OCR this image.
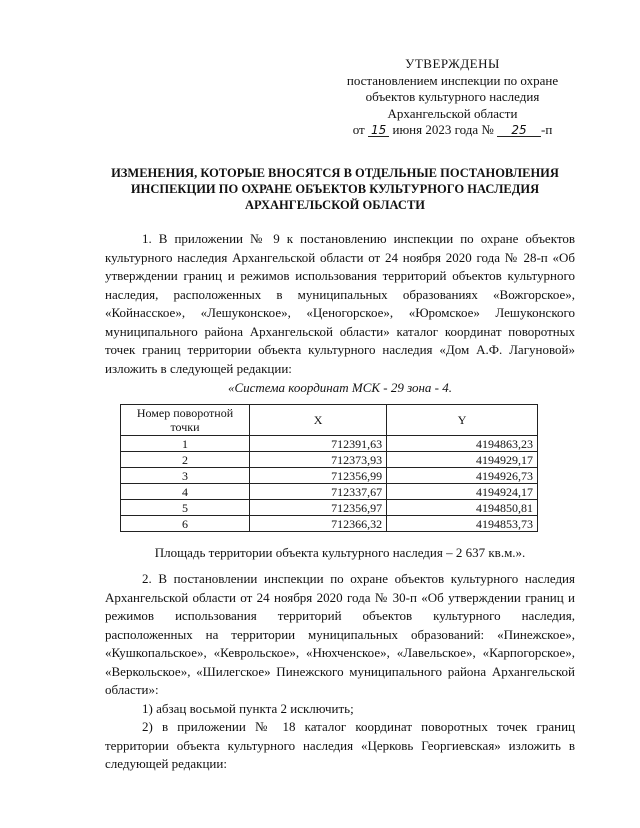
УТВЕРЖДЕНЫ
постановлением инспекции по охране
объектов культурного наследия
Архангельской области
от 15 июня 2023 года № 25 -п
ИЗМЕНЕНИЯ, КОТОРЫЕ ВНОСЯТСЯ В ОТДЕЛЬНЫЕ ПОСТАНОВЛЕНИЯ
ИНСПЕКЦИИ ПО ОХРАНЕ ОБЪЕКТОВ КУЛЬТУРНОГО НАСЛЕДИЯ
АРХАНГЕЛЬСКОЙ ОБЛАСТИ

1. В приложении № 9 к постановлению инспекции по охране объектов культурного наследия Архангельской области от 24 ноября 2020 года № 28-п «Об утверждении границ и режимов использования территорий объектов культурного наследия, расположенных в муниципальных образованиях «Вожгорское», «Койнасское», «Лешуконское», «Ценогорское», «Юромское» Лешуконского муниципального района Архангельской области» каталог координат поворотных точек границ территории объекта культурного наследия «Дом А.Ф. Лагуновой» изложить в следующей редакции:

«Система координат МСК - 29 зона - 4.
Номер поворотной точки	X	Y
1	712391,63	4194863,23
2	712373,93	4194929,17
3	712356,99	4194926,73
4	712337,67	4194924,17
5	712356,97	4194850,81
6	712366,32	4194853,73
Площадь территории объекта культурного наследия – 2 637 кв.м.».

2. В постановлении инспекции по охране объектов культурного наследия Архангельской области от 24 ноября 2020 года № 30-п «Об утверждении границ и режимов использования территорий объектов культурного наследия, расположенных на территории муниципальных образований: «Пинежское», «Кушкопальское», «Кеврольское», «Нюхченское», «Лавельское», «Карпогорское», «Веркольское», «Шилегское» Пинежского муниципального района Архангельской области»:
1) абзац восьмой пункта 2 исключить;
2) в приложении № 18 каталог координат поворотных точек границ территории объекта культурного наследия «Церковь Георгиевская» изложить в следующей редакции:
